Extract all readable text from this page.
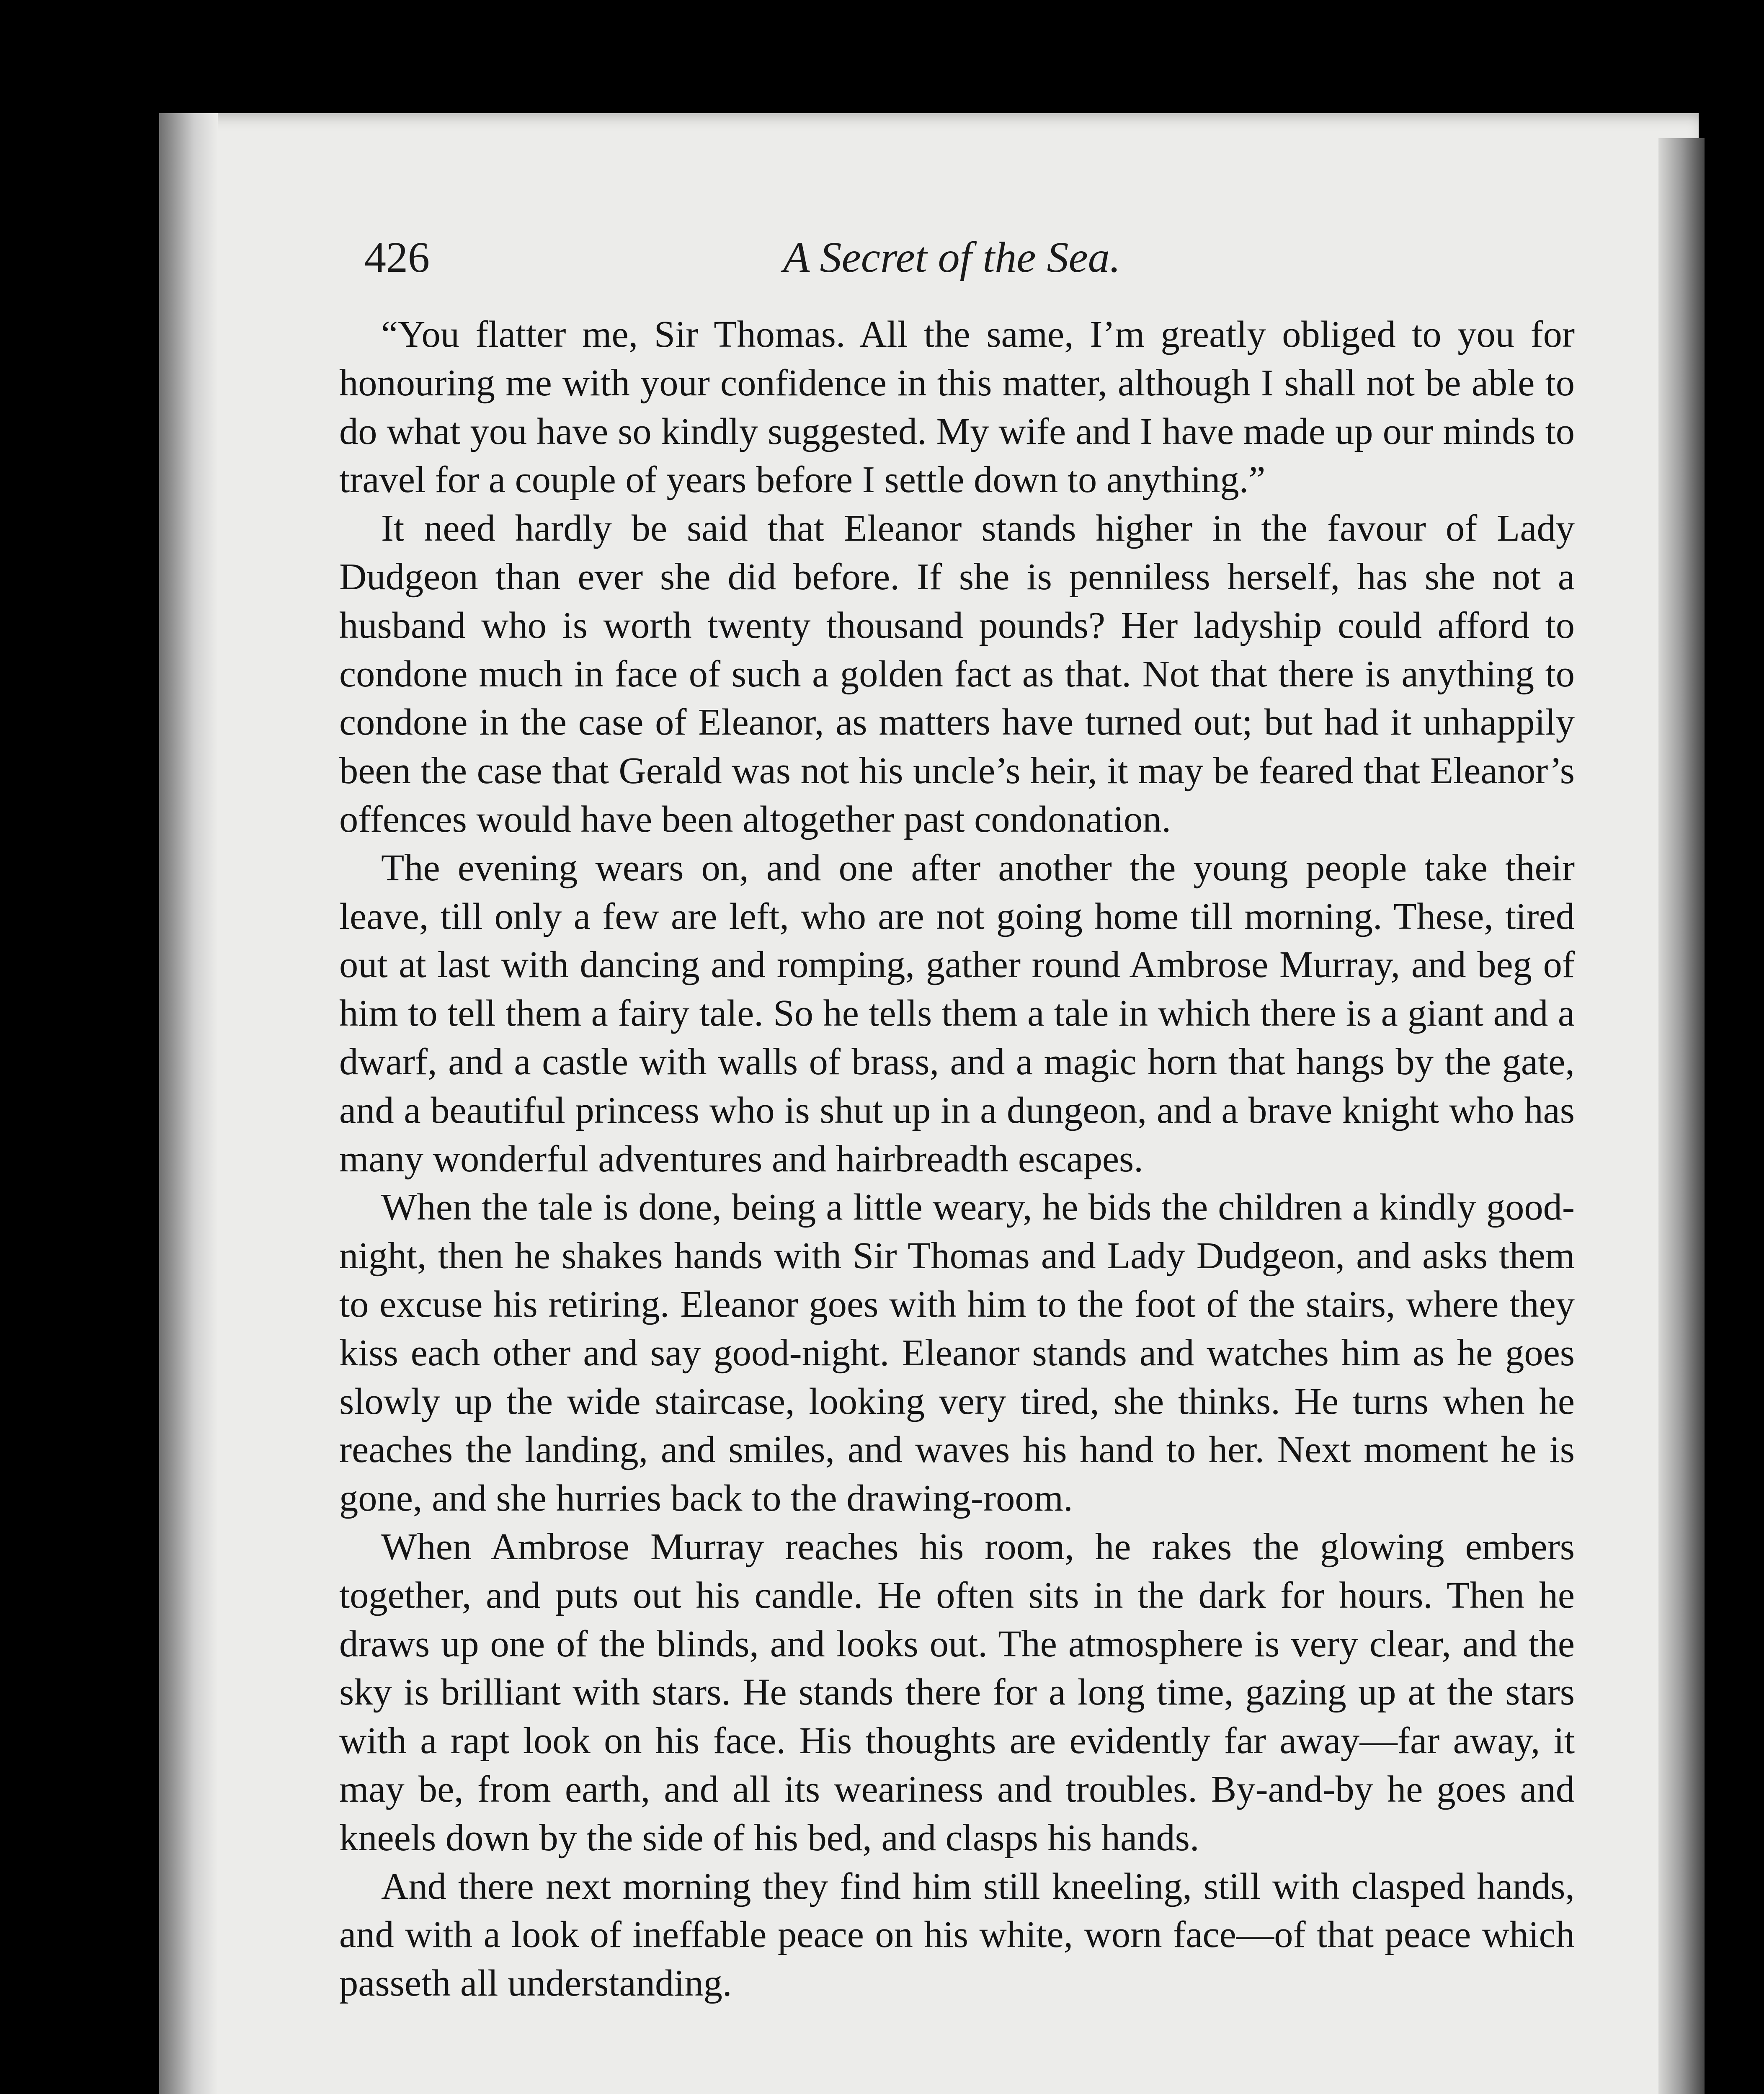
426	A Secret of the Sea.

“You flatter me, Sir Thomas. All the same, I’m greatly obliged to you for honouring me with your confidence in this matter, although I shall not be able to do what you have so kindly suggested. My wife and I have made up our minds to travel for a couple of years before I settle down to anything.”

It need hardly be said that Eleanor stands higher in the favour of Lady Dudgeon than ever she did before. If she is penniless herself, has she not a husband who is worth twenty thousand pounds? Her ladyship could afford to condone much in face of such a golden fact as that. Not that there is anything to condone in the case of Eleanor, as matters have turned out; but had it unhappily been the case that Gerald was not his uncle’s heir, it may be feared that Eleanor’s offences would have been altogether past condonation.

The evening wears on, and one after another the young people take their leave, till only a few are left, who are not going home till morning. These, tired out at last with dancing and romping, gather round Ambrose Murray, and beg of him to tell them a fairy tale. So he tells them a tale in which there is a giant and a dwarf, and a castle with walls of brass, and a magic horn that hangs by the gate, and a beautiful princess who is shut up in a dungeon, and a brave knight who has many wonderful adventures and hairbreadth escapes.

When the tale is done, being a little weary, he bids the children a kindly good-night, then he shakes hands with Sir Thomas and Lady Dudgeon, and asks them to excuse his retiring. Eleanor goes with him to the foot of the stairs, where they kiss each other and say good-night. Eleanor stands and watches him as he goes slowly up the wide staircase, looking very tired, she thinks. He turns when he reaches the landing, and smiles, and waves his hand to her. Next moment he is gone, and she hurries back to the drawing-room.

When Ambrose Murray reaches his room, he rakes the glowing embers together, and puts out his candle. He often sits in the dark for hours. Then he draws up one of the blinds, and looks out. The atmosphere is very clear, and the sky is brilliant with stars. He stands there for a long time, gazing up at the stars with a rapt look on his face. His thoughts are evidently far away—far away, it may be, from earth, and all its weariness and troubles. By-and-by he goes and kneels down by the side of his bed, and clasps his hands.

And there next morning they find him still kneeling, still with clasped hands, and with a look of ineffable peace on his white, worn face—of that peace which passeth all understanding.
